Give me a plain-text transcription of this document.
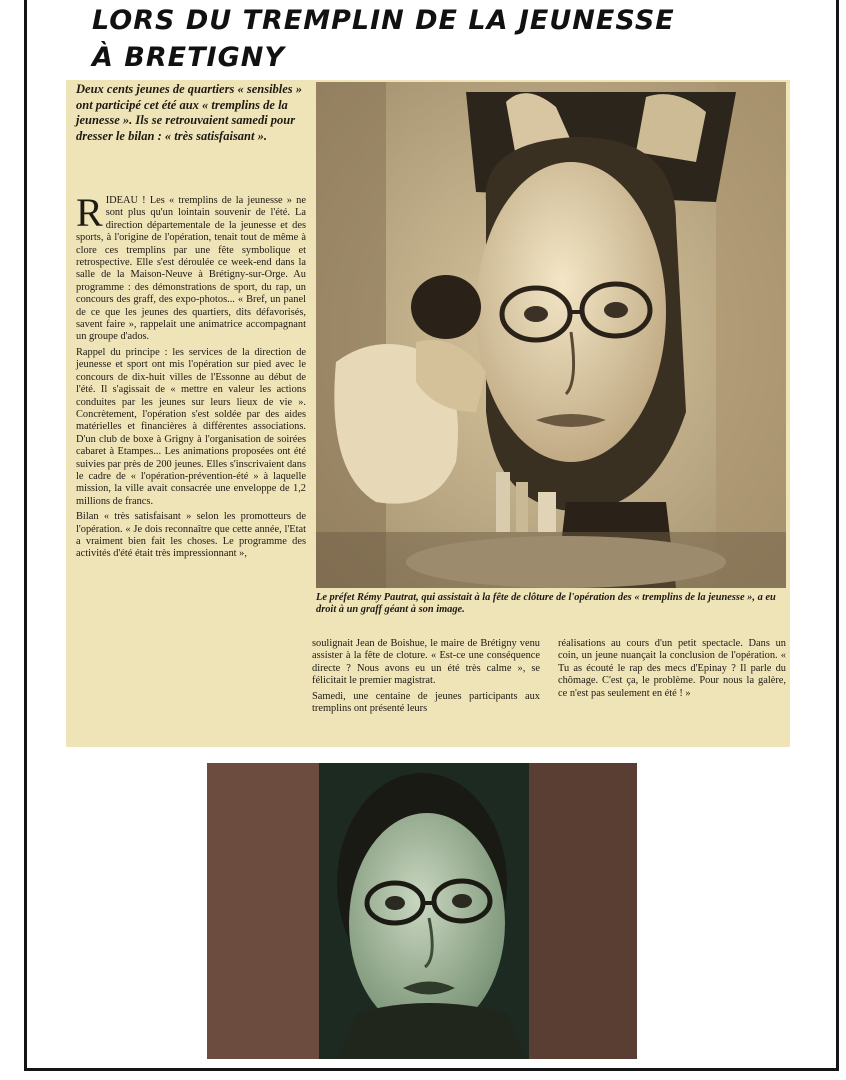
LORS DU TREMPLIN DE LA JEUNESSE
À BRETIGNY

Deux cents jeunes de quartiers « sensibles » ont participé cet été aux « tremplins de la jeunesse ». Ils se retrouvaient samedi pour dresser le bilan : « très satisfaisant ».

RIDEAU ! Les « tremplins de la jeunesse » ne sont plus qu'un lointain souvenir de l'été. La direction départementale de la jeunesse et des sports, à l'origine de l'opération, tenait tout de même à clore ces tremplins par une fête symbolique et retrospective. Elle s'est déroulée ce week-end dans la salle de la Maison-Neuve à Brétigny-sur-Orge. Au programme : des démonstrations de sport, du rap, un concours des graff, des expo-photos... « Bref, un panel de ce que les jeunes des quartiers, dits défavorisés, savent faire », rappelait une animatrice accompagnant un groupe d'ados.

Rappel du principe : les services de la direction de jeunesse et sport ont mis l'opération sur pied avec le concours de dix-huit villes de l'Essonne au début de l'été. Il s'agissait de « mettre en valeur les actions conduites par les jeunes sur leurs lieux de vie ». Concrètement, l'opération s'est soldée par des aides matérielles et financières à différentes associations. D'un club de boxe à Grigny à l'organisation de soirées cabaret à Etampes... Les animations proposées ont été suivies par près de 200 jeunes. Elles s'inscrivaient dans le cadre de « l'opération-prévention-été » à laquelle mission, la ville avait consacrée une enveloppe de 1,2 millions de francs.

Bilan « très satisfaisant » selon les promotteurs de l'opération. « Je dois reconnaître que cette année, l'Etat a vraiment bien fait les choses. Le programme des activités d'été était très impressionnant »,

Le préfet Rémy Pautrat, qui assistait à la fête de clôture de l'opération des « tremplins de la jeunesse », a eu droit à un graff géant à son image.

soulignait Jean de Boishue, le maire de Brétigny venu assister à la fête de cloture. « Est-ce une conséquence directe ? Nous avons eu un été très calme », se félicitait le premier magistrat.

Samedi, une centaine de jeunes participants aux tremplins ont présenté leurs

réalisations au cours d'un petit spectacle. Dans un coin, un jeune nuançait la conclusion de l'opération. « Tu as écouté le rap des mecs d'Epinay ? Il parle du chômage. C'est ça, le problème. Pour nous la galère, ce n'est pas seulement en été ! »
